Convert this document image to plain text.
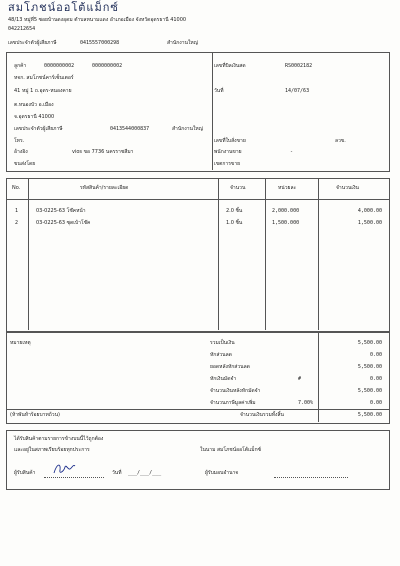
สมโภชน์ออโต้แม็กซ์
48/13 หมู่ที่5 ซอยบ้านดงอุดม ตำบลหนามแดง อำเภอเมือง จังหวัดอุดรธานี 41000
042212654
เลขประจำตัวผู้เสียภาษี	0415557000298	สำนักงานใหญ่
ลูกค้า	0000000002	0000000002
หจก. สมโภชน์คาร์เซ็นเตอร์
41 หมู่ 1 ถ.อุดร-หนองคาย
ต.หนองบัว อ.เมือง
จ.อุดรธานี 41000
เลขประจำตัวผู้เสียภาษี	0413544000837	สำนักงานใหญ่
โทร.
อ้างอิง	vios ขอ 7736 นครราชสีมา
ขนส่งโดย
เลขที่บิลเงินสด	RS0002182
วันที่	14/07/63
เลขที่ใบสั่งขาย	ลวข.
พนักงานขาย	-
เขตการขาย
No.	รหัสสินค้า/รายละเอียด	จำนวน	หน่วยละ	จำนวนเงิน
1	03-0225-63 โช๊คหน้า	2.0 ชิ้น	2,000.000	4,000.00
2	03-0225-63 ซุดเบ้าโช๊ค	1.0 ชิ้น	1,500.000	1,500.00
หมายเหตุ	รวมเป็นเงิน	5,500.00
หักส่วนลด	0.00
ยอดหลังหักส่วนลด	5,500.00
หักเงินมัดจำ	#	0.00
จำนวนเงินหลังหักมัดจำ	5,500.00
จำนวนภาษีมูลค่าเพิ่ม	7.00%	0.00
(ห้าพันห้าร้อยบาทถ้วน)	จำนวนเงินรวมทั้งสิ้น	5,500.00
ได้รับสินค้าตามรายการข้างบนนี้ไว้ถูกต้อง
และอยู่ในสภาพเรียบร้อยทุกประการ	ในนาม สมโภชน์ออโต้แม็กซ์
ผู้รับสินค้า	วันที่ ___/___/___	ผู้รับมอบอำนาจ
